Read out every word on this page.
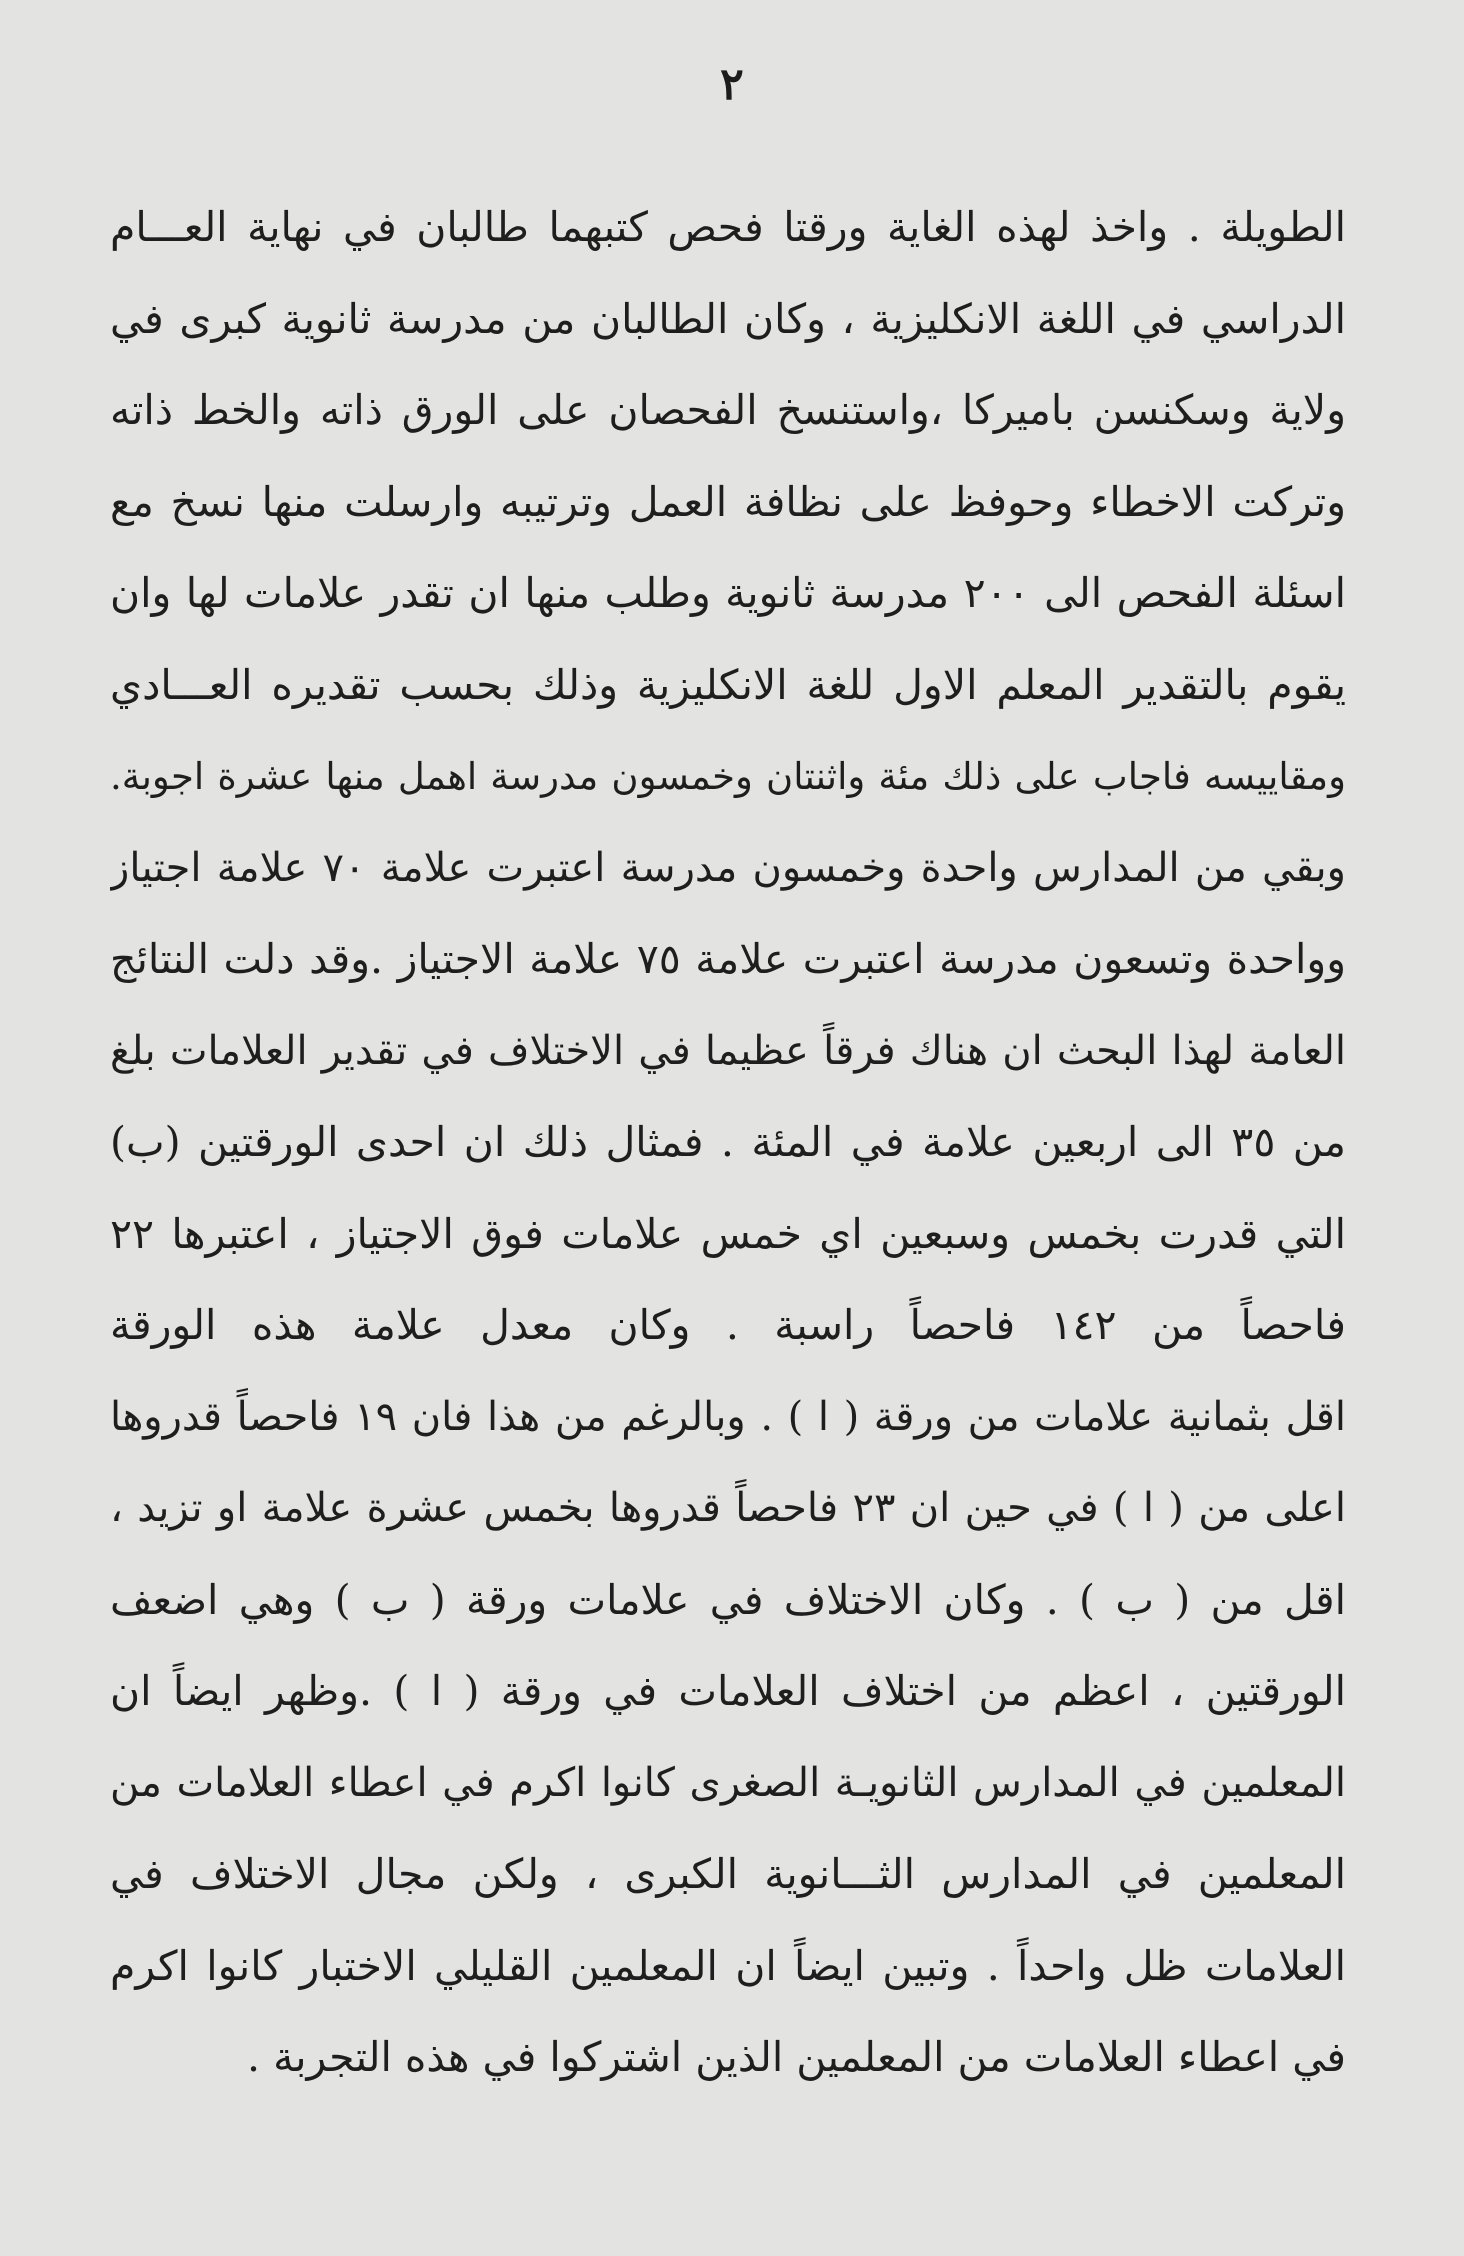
٢
الطويلة . واخذ لهذه الغاية ورقتا فحص كتبهما طالبان في نهاية العـــام
الدراسي في اللغة الانكليزية ، وكان الطالبان من مدرسة ثانوية كبرى في
ولاية وسكنسن باميركا ،واستنسخ الفحصان على الورق ذاته والخط ذاته
وتركت الاخطاء وحوفظ على نظافة العمل وترتيبه وارسلت منها نسخ مع
اسئلة الفحص الى ٢٠٠ مدرسة ثانوية وطلب منها ان تقدر علامات لها وان
يقوم بالتقدير المعلم الاول للغة الانكليزية وذلك بحسب تقديره العـــادي
ومقاييسه فاجاب على ذلك مئة واثنتان وخمسون مدرسة اهمل منها عشرة اجوبة.
وبقي من المدارس واحدة وخمسون مدرسة اعتبرت علامة ٧٠ علامة اجتياز
وواحدة وتسعون مدرسة اعتبرت علامة ٧٥ علامة الاجتياز .وقد دلت النتائج
العامة لهذا البحث ان هناك فرقاً عظيما في الاختلاف في تقدير العلامات بلغ
من ٣٥ الى اربعين علامة في المئة . فمثال ذلك ان احدى الورقتين (ب)
التي قدرت بخمس وسبعين اي خمس علامات فوق الاجتياز ، اعتبرها ٢٢
فاحصاً من ١٤٢ فاحصاً راسبة . وكان معدل علامة هذه الورقة
اقل بثمانية علامات من ورقة ( ا ) . وبالرغم من هذا فان ١٩ فاحصاً قدروها
اعلى من ( ا ) في حين ان ٢٣ فاحصاً قدروها بخمس عشرة علامة او تزيد ،
اقل من ( ب ) . وكان الاختلاف في علامات ورقة ( ب ) وهي اضعف
الورقتين ، اعظم من اختلاف العلامات في ورقة ( ا ) .وظهر ايضاً ان
المعلمين في المدارس الثانويـة الصغرى كانوا اكرم في اعطاء العلامات من
المعلمين في المدارس الثـــانوية الكبرى ، ولكن مجال الاختلاف في
العلامات ظل واحداً . وتبين ايضاً ان المعلمين القليلي الاختبار كانوا اكرم
في اعطاء العلامات من المعلمين الذين اشتركوا في هذه التجربة .
